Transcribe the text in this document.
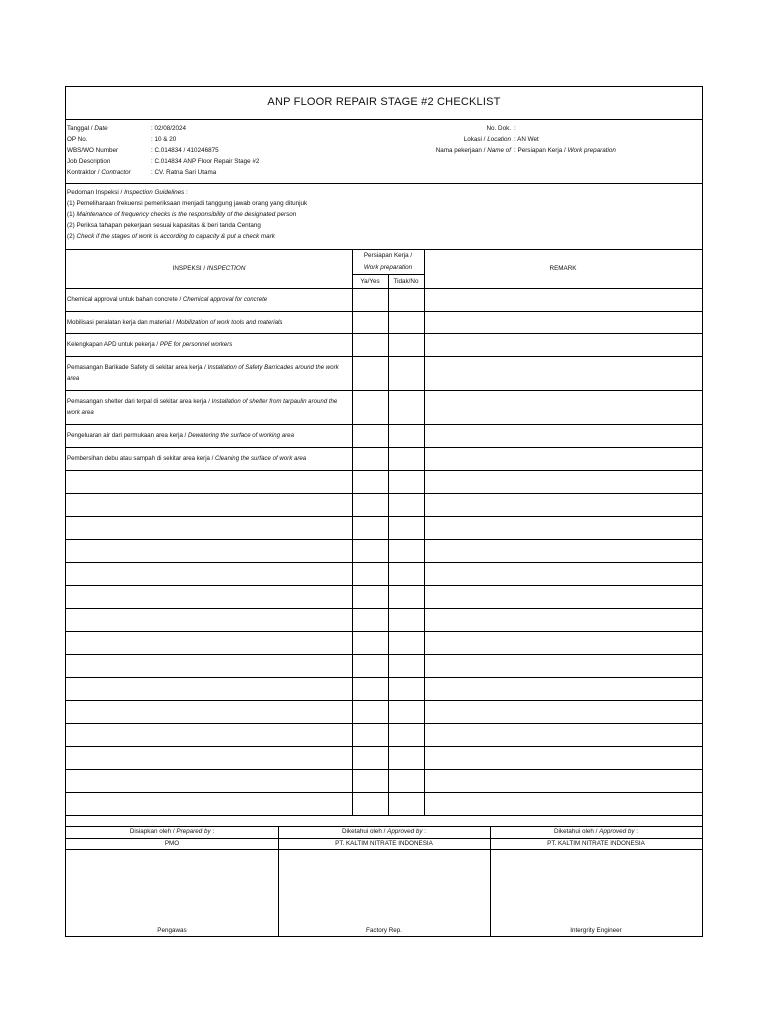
ANP FLOOR REPAIR STAGE #2 CHECKLIST
Tanggal / Date	: 02/08/2024
OP No.	: 10 & 20
WBS/WO Number	: C.014834 / 410246875
Job Description	: C.014834 ANP Floor Repair Stage #2
Kontraktor / Contractor	: CV. Ratna Sari Utama
No. Dok. :
Lokasi / Location : AN Wet
Nama pekerjaan / Name of : Persiapan Kerja / Work preparation
Pedoman Inspeksi / Inspection Guidelines :
(1) Pemeliharaan frekuensi pemeriksaan menjadi tanggung jawab orang yang ditunjuk
(1) Maintenance of frequency checks is the responsibility of the designated person
(2) Periksa tahapan pekerjaan sesuai kapasitas & beri tanda Centang
(2) Check if the stages of work is according to capacity & put a check mark
INSPEKSI / INSPECTION
Persiapan Kerja /
Work preparation
Ya/Yes	Tidak/No
REMARK
Chemical approval untuk bahan concrete / Chemical approval for concrete
Mobilisasi peralatan kerja dan material / Mobilization of work tools and materials
Kelengkapan APD untuk pekerja / PPE for personnel workers
Pemasangan Barikade Safety di sekitar area kerja / Installation of Safety Barricades around the work area
Pemasangan shelter dari terpal di sekitar area kerja / Installation of shelter from tarpaulin around the work area
Pengeluaran air dari permukaan area kerja / Dewatering the surface of working area
Pembersihan debu atau sampah di sekitar area kerja / Cleaning the surface of work area
Disiapkan oleh / Prepared by :	Diketahui oleh / Approved by :	Diketahui oleh / Approved by :
PMO	PT. KALTIM NITRATE INDONESIA	PT. KALTIM NITRATE INDONESIA
Pengawas	Factory Rep.	Intergrity Engineer
